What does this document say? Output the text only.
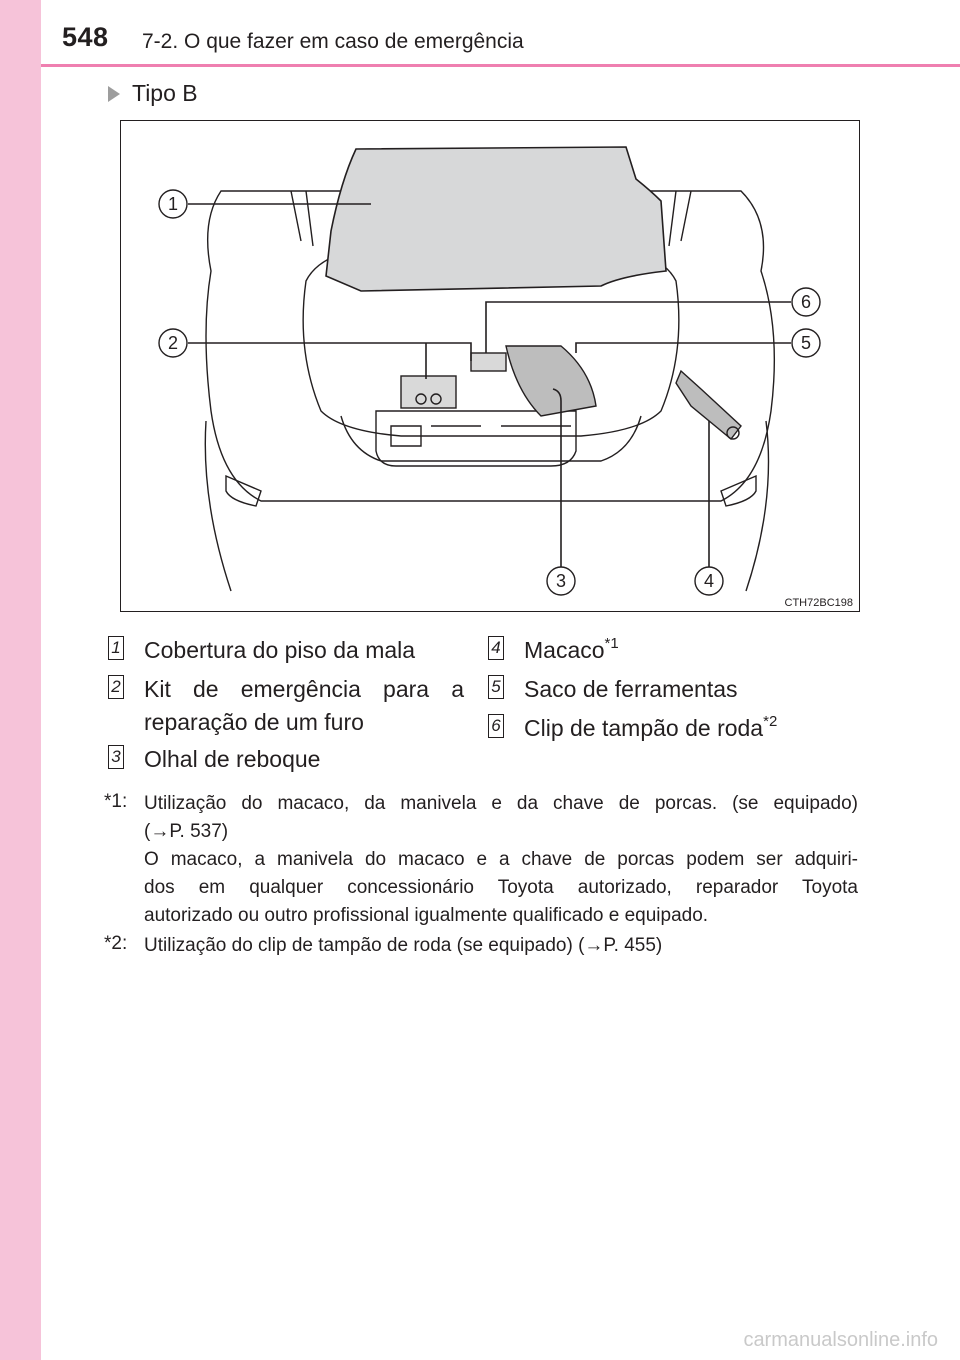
548 7-2. O que fazer em caso de emergência
Tipo B
1
2
3	4
5
6
CTH72BC198
1 Cobertura do piso da mala
2 Kit de emergência para a
reparação de um furo
3 Olhal de reboque
4 Macaco$^{*1}$
5 Saco de ferramentas
6 Clip de tampão de roda$^{*2}$
*1: Utilização do macaco, da manivela e da chave de porcas. (se equipado)
(→P. 537)
O macaco, a manivela do macaco e a chave de porcas podem ser adquiri-
dos em qualquer concessionário Toyota autorizado, reparador Toyota
autorizado ou outro profissional igualmente qualificado e equipado.
*2: Utilização do clip de tampão de roda (se equipado) (→P. 455)
carmanualsonline.info
